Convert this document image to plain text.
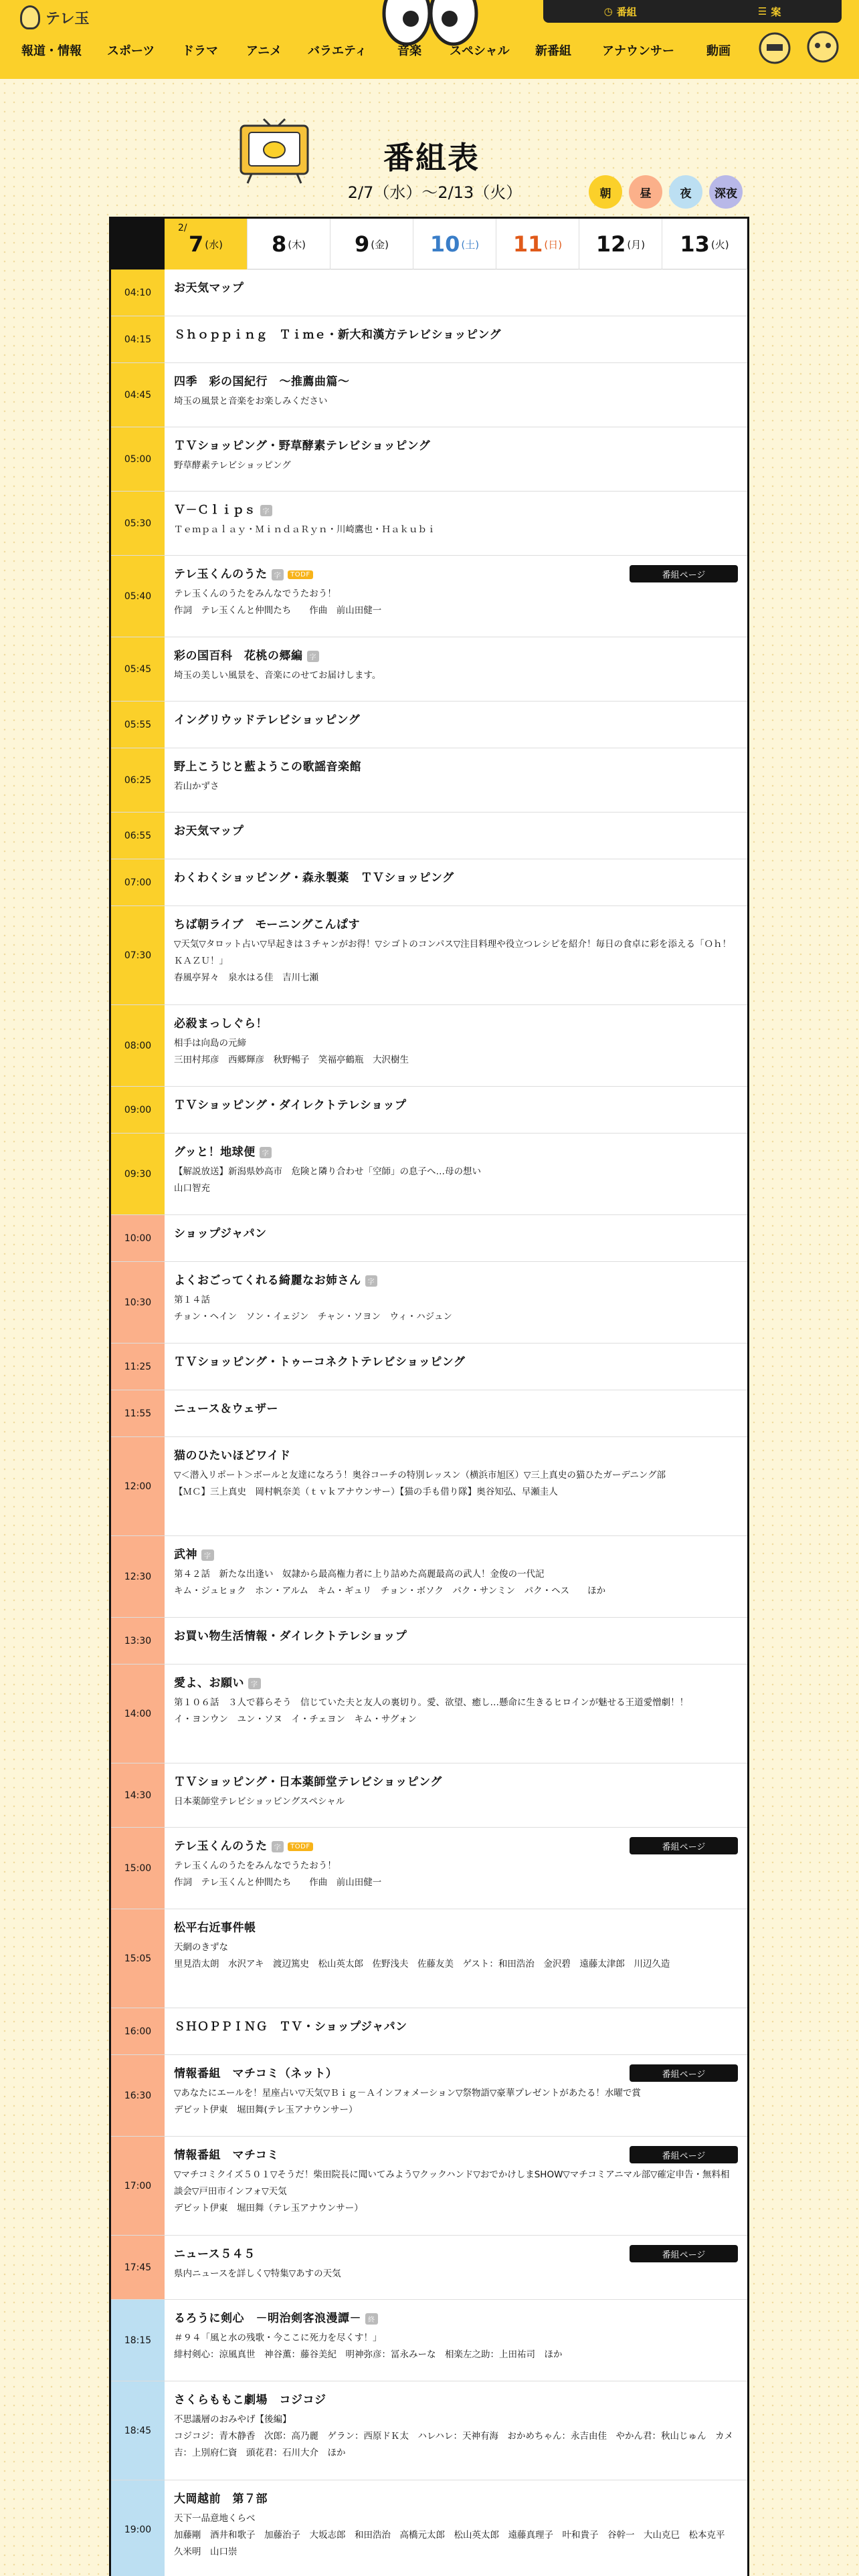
テレ玉	◷ 番組	☰ 案
報道・情報 スポーツ ドラマ アニメ バラエティ	音楽 スペシャル 新番組	アナウンサー	動画
番組表
2/7（水）〜2/13（火）	朝	昼	夜	深夜
2/
7 (水) 8 (木) 9 (金) 10 (土) 11 (日) 12 (月) 13 (火)
04:10	お天気マップ
04:15	Ｓｈｏｐｐｉｎｇ　Ｔｉｍｅ・新大和漢方テレビショッピング
04:45
四季　彩の国紀行　～推薦曲篇～
埼玉の風景と音楽をお楽しみください
05:00
ＴＶショッピング・野草酵素テレビショッピング
野草酵素テレビショッピング
05:30
Ｖ－Ｃｌｉｐｓ 字
Ｔｅｍｐａｌａｙ・ＭｉｎｄａＲｙｎ・川崎鷹也・Ｈａｋｕｂｉ
05:40
テレ玉くんのうた 字 TODF
テレ玉くんのうたをみんなでうたおう！
作詞　テレ玉くんと仲間たち　　作曲　前山田健一
番組ページ
05:45
彩の国百科　花桃の郷編 字
埼玉の美しい風景を、音楽にのせてお届けします。
05:55	イングリウッドテレビショッピング
06:25
野上こうじと藍ようこの歌謡音楽館
若山かずさ
06:55	お天気マップ
07:00	わくわくショッピング・森永製薬　ＴＶショッピング
07:30
ちば朝ライブ　モーニングこんぱす
▽天気▽タロット占い▽早起きは３チャンがお得！▽シゴトのコンパス▽注目料理や役立つレシピを紹介！毎日の食卓に彩を添える「Ｏｈ！ＫＡＺＵ！」
春風亭昇々　泉水はる佳　吉川七瀬
08:00
必殺まっしぐら！
相手は向島の元締
三田村邦彦　西郷輝彦　秋野暢子　笑福亭鶴瓶　大沢樹生
09:00	ＴＶショッピング・ダイレクトテレショップ
09:30
グッと！地球便 字
【解説放送】新潟県妙高市　危険と隣り合わせ「空師」の息子へ…母の想い
山口智充
10:00	ショップジャパン
10:30
よくおごってくれる綺麗なお姉さん 字
第１４話
チョン・ヘイン　ソン・イェジン　チャン・ソヨン　ウィ・ハジュン
11:25	ＴＶショッピング・トゥーコネクトテレビショッピング
11:55	ニュース＆ウェザー
12:00
猫のひたいほどワイド
▽＜潜入リポート＞ボールと友達になろう！奥谷コーチの特別レッスン（横浜市旭区）▽三上真史の猫ひたガーデニング部
【ＭＣ】三上真史　岡村帆奈美（ｔｖｋアナウンサー）【猫の手も借り隊】奥谷知弘、早瀬圭人
12:30
武神 字
第４２話　新たな出逢い　奴隷から最高権力者に上り詰めた高麗最高の武人！金俊の一代記
キム・ジュヒョク　ホン・アルム　キム・ギュリ　チョン・ボソク　パク・サンミン　パク・ヘス　　ほか
13:30	お買い物生活情報・ダイレクトテレショップ
14:00
愛よ、お願い 字
第１０６話　３人で暮らそう　信じていた夫と友人の裏切り。愛、欲望、癒し…懸命に生きるヒロインが魅せる王道愛憎劇！！
イ・ヨンウン　ユン・ソヌ　イ・チェヨン　キム・サグォン
14:30
ＴＶショッピング・日本薬師堂テレビショッピング
日本薬師堂テレビショッピングスペシャル
15:00
テレ玉くんのうた 字 TODF
テレ玉くんのうたをみんなでうたおう！
作詞　テレ玉くんと仲間たち　　作曲　前山田健一
番組ページ
15:05
松平右近事件帳
天網のきずな
里見浩太朗　水沢アキ　渡辺篤史　松山英太郎　佐野浅夫　佐藤友美　ゲスト：和田浩治　金沢碧　遠藤太津郎　川辺久造
16:00	ＳＨＯＰＰＩＮＧ　ＴＶ・ショップジャパン
16:30
情報番組　マチコミ（ネット）
▽あなたにエールを！星座占い▽天気▽Ｂｉｇ－Ａインフォメーション▽祭物語▽豪華プレゼントがあたる！水曜で賞
デビット伊東　堀田舞(テレ玉アナウンサー）
番組ページ
17:00
情報番組　マチコミ
▽マチコミクイズ５０１▽そうだ！柴田院長に聞いてみよう▽クックハンド▽おでかけしまSHOW▽マチコミアニマル部▽確定申告・無料相談会▽戸田市インフォ▽天気
デビット伊東　堀田舞（テレ玉アナウンサー）
番組ページ
17:45
ニュース５４５
県内ニュースを詳しく▽特集▽あすの天気
番組ページ
18:15
るろうに剣心　－明治剣客浪漫譚－ 終
＃９４「風と水の残歌・今ここに死力を尽くす！」
緋村剣心：涼風真世　神谷薫：藤谷美紀　明神弥彦：冨永みーな　相楽左之助：上田祐司　ほか
18:45
さくらももこ劇場　コジコジ
不思議層のおみやげ【後編】
コジコジ：青木静香　次郎：高乃麗　ゲラン：西原ドＫ太　ハレハレ：天神有海　おかめちゃん：永吉由佳　やかん君：秋山じゅん　カメ吉：上別府仁資　頭花君：石川大介　ほか
19:00
大岡越前　第７部
天下一品意地くらべ
加藤剛　酒井和歌子　加藤治子　大坂志郎　和田浩治　高橋元太郎　松山英太郎　遠藤真理子　叶和貴子　谷幹一　大山克巳　松本克平　久米明　山口崇
